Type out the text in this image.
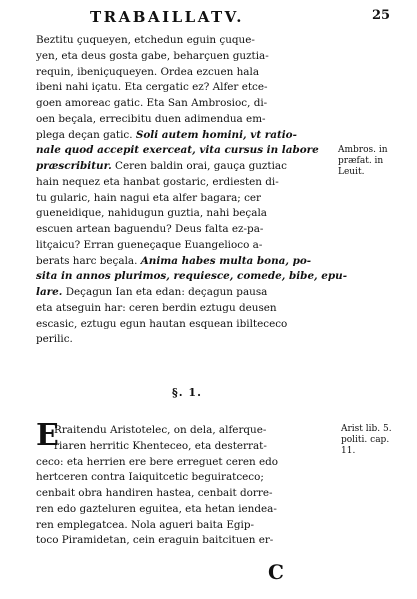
TRABAILLATV.	25
Beztitu çuqueyen, etchedun eguin çuque-
yen, eta deus gosta gabe, beharçuen guztia-
requin, ibeniçuqueyen. Ordea ezcuen hala
ibeni nahi içatu. Eta cergatic ez? Alfer etce-
goen amoreac gatic. Eta San Ambrosioc, di-
oen beçala, errecibitu duen adimendua em-
plega deçan gatic. Soli autem homini, vt ratio-
nale quod accepit exerceat, vita cursus in labore
præscribitur. Ceren baldin orai, gauça guztiac
hain nequez eta hanbat gostaric, erdiesten di-
tu gularic, hain nagui eta alfer bagara; cer
gueneidique, nahidugun guztia, nahi beçala
escuen artean baguendu? Deus falta ez-pa-
litçaicu? Erran gueneçaque Euangelioco a-
berats harc beçala. Anima habes multa bona, po-
sita in annos plurimos, requiesce, comede, bibe, epu-
lare. Deçagun Ian eta edan: deçagun pausa
eta atseguin har: ceren berdin eztugu deusen
escasic, eztugu egun hautan esquean ibiltececo
perilic.
Ambros. in
præfat. in
Leuit.
§. 1.
E
Rraitendu Aristotelec, on dela, alferque-
riaren herritic Khenteceo, eta desterrat-
ceco: eta herrien ere bere erreguet ceren edo
hertceren contra Iaiquitcetic beguiratceco;
cenbait obra handiren hastea, cenbait dorre-
ren edo gazteluren eguitea, eta hetan iendea-
ren emplegatcea. Nola agueri baita Egip-
toco Piramidetan, cein eraguin baitcituen er-
Arist lib. 5.
politi. cap.
11.
C
